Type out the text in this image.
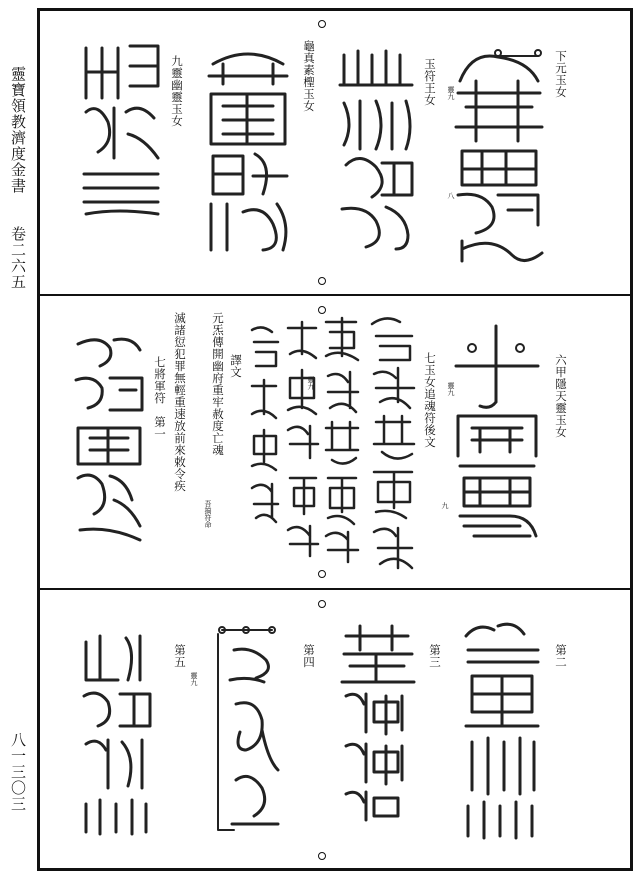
靈寶領教濟度金書
卷二六五
八一三〇三
下元玉女
玉符王女
龜真素檉玉女
九靈幽靈玉女	靈九
八
六甲隱天靈玉女
七玉女追魂符後文
譯文
元炁傳開幽府重牢赦度亡魂
滅諸愆犯罪無輕重速放前來敕令疾
七將軍符　第一
吾搞符命
靈九
靈九
九
第二
第三
第四
第五
靈九
